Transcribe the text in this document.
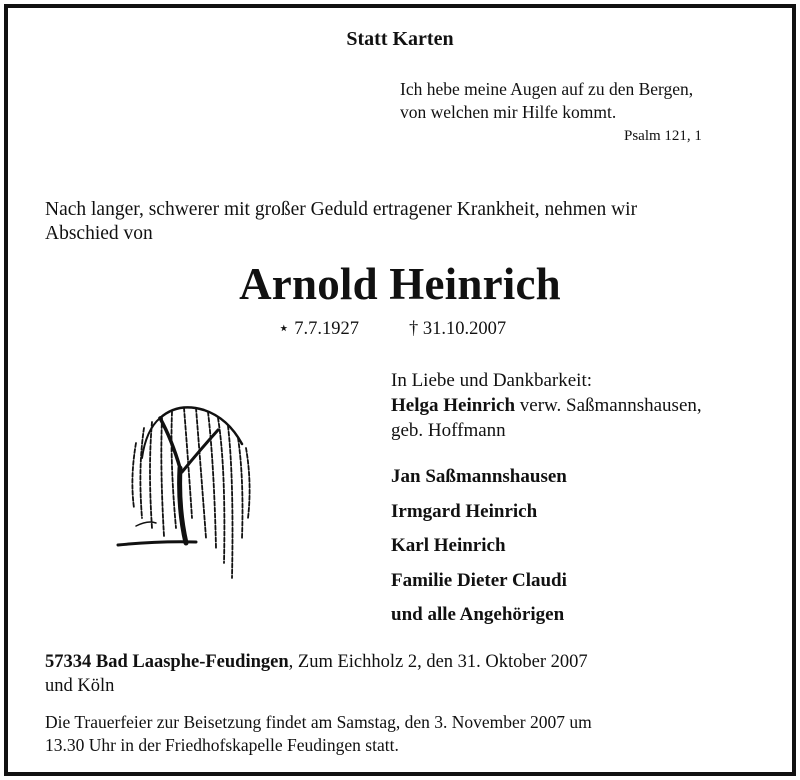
Statt Karten
Ich hebe meine Augen auf zu den Bergen,
von welchen mir Hilfe kommt.
Psalm 121, 1
Nach langer, schwerer mit großer Geduld ertragener Krankheit, nehmen wir
Abschied von
Arnold Heinrich
⋆ 7.7.1927	† 31.10.2007
In Liebe und Dankbarkeit:
Helga Heinrich verw. Saßmannshausen,
geb. Hoffmann
Jan Saßmannshausen
Irmgard Heinrich
Karl Heinrich
Familie Dieter Claudi
und alle Angehörigen
57334 Bad Laasphe-Feudingen, Zum Eichholz 2, den 31. Oktober 2007
und Köln
Die Trauerfeier zur Beisetzung findet am Samstag, den 3. November 2007 um
13.30 Uhr in der Friedhofskapelle Feudingen statt.
